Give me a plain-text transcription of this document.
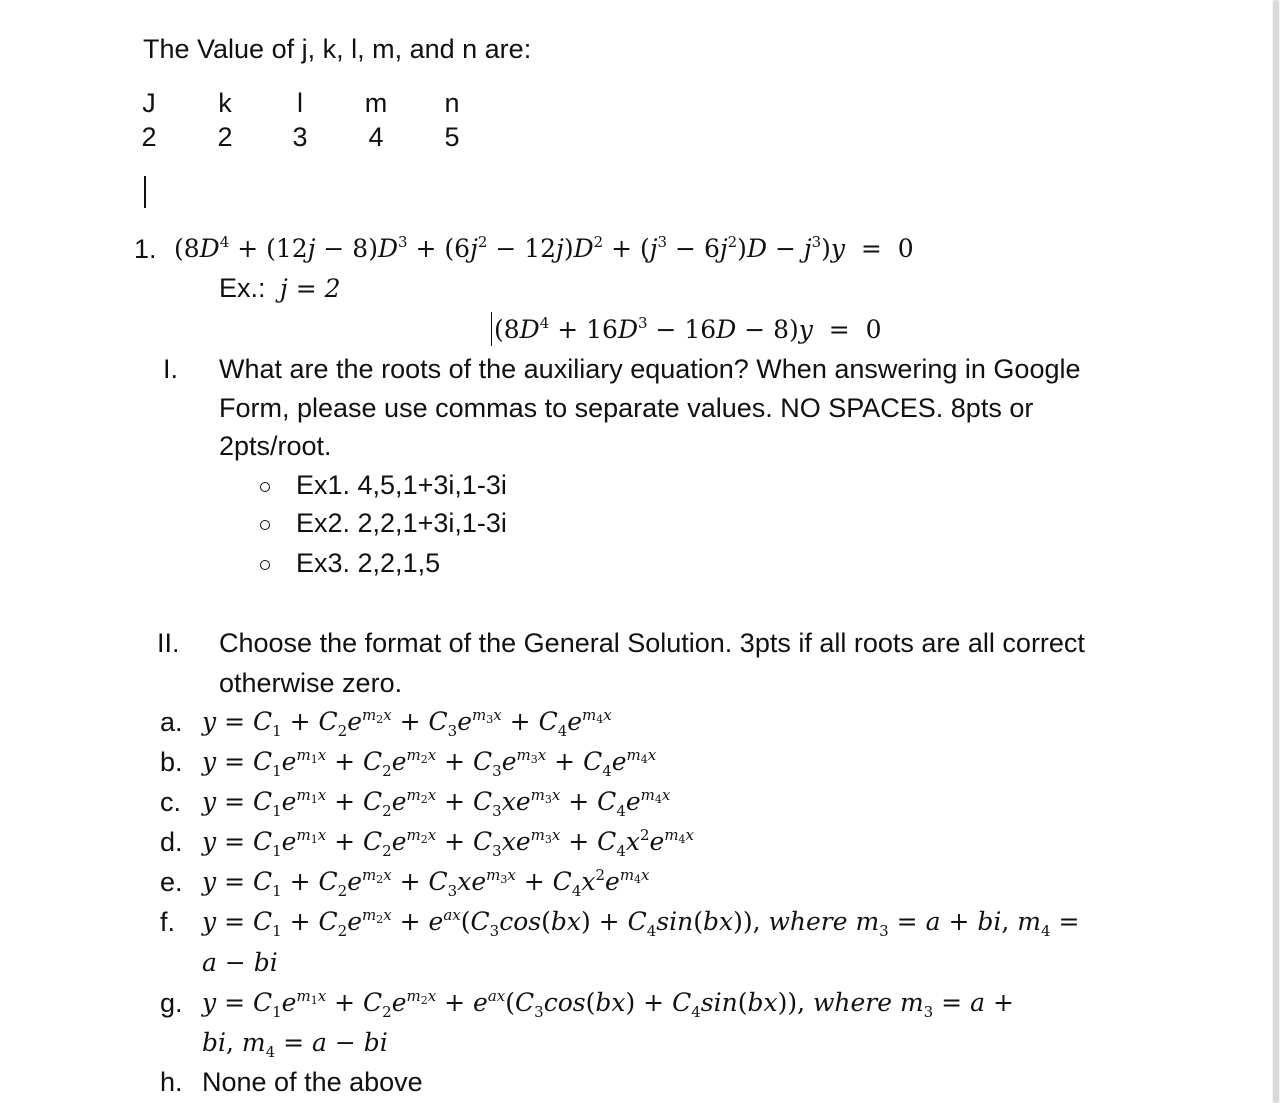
The Value of j, k, l, m, and n are:
J	k	l	m n
2 2 3 4 5
1. $(8D^4 + (12j - 8)D^3 + (6j^2 - 12j)D^2 + (j^3 - 6j^2)D - j^3)y = 0$
Ex.: j = 2
$(8D^4 + 16D^3 - 16D - 8)y = 0$
I. What are the roots of the auxiliary equation? When answering in Google
Form, please use commas to separate values. NO SPACES. 8pts or
2pts/root.
Ex1. 4,5,1+3i,1-3i
Ex2. 2,2,1+3i,1-3i
Ex3. 2,2,1,5
II. Choose the format of the General Solution. 3pts if all roots are all correct
otherwise zero.
a. $y = C_1 + C_2e^{m_2x} + C_3e^{m_3x} + C_4e^{m_4x}$
b. $y = C_1e^{m_1x} + C_2e^{m_2x} + C_3e^{m_3x} + C_4e^{m_4x}$
c. $y = C_1e^{m_1x} + C_2e^{m_2x} + C_3xe^{m_3x} + C_4e^{m_4x}$
d. $y = C_1e^{m_1x} + C_2e^{m_2x} + C_3xe^{m_3x} + C_4x^2e^{m_4x}$
e. $y = C_1 + C_2e^{m_2x} + C_3xe^{m_3x} + C_4x^2e^{m_4x}$
f. $y = C_1 + C_2e^{m_2x} + e^{ax}(C_3\cos(bx) + C_4\sin(bx))$, where $m_3 = a$ + bi, $m_4$ =
a − bi
g. $y = C_1e^{m_1x} + C_2e^{m_2x} + e^{ax}(C_3\cos(bx) + C_4\sin(bx))$, where $m_3 = a$ +
bi, $m_4 = a$ − bi
h. None of the above
